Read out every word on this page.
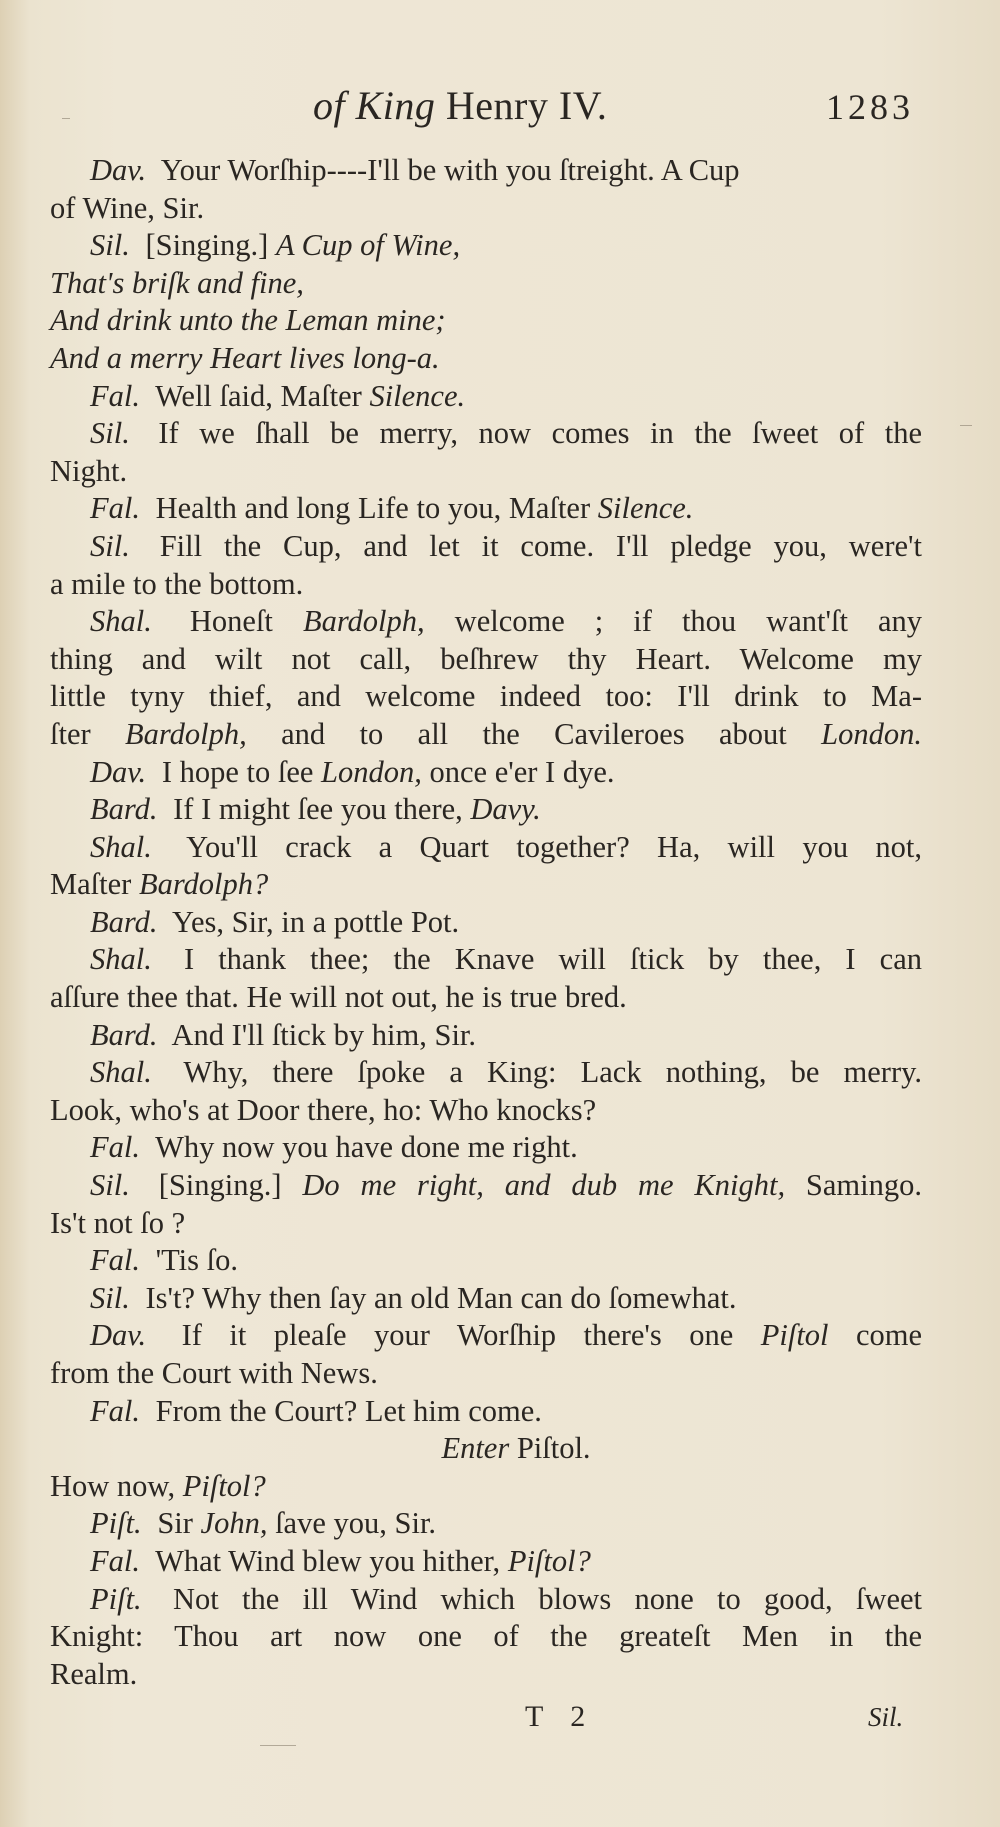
of King Henry IV.	1283
Dav. Your Worſhip----I'll be with you ſtreight. A Cup
of Wine, Sir.
Sil. [Singing.] A Cup of Wine,
That's briſk and fine,
And drink unto the Leman mine;
And a merry Heart lives long-a.
Fal. Well ſaid, Maſter Silence.
Sil. If we ſhall be merry, now comes in the ſweet of the
Night.
Fal. Health and long Life to you, Maſter Silence.
Sil. Fill the Cup, and let it come. I'll pledge you, were't
a mile to the bottom.
Shal. Honeſt Bardolph, welcome ; if thou want'ſt any
thing and wilt not call, beſhrew thy Heart. Welcome my
little tyny thief, and welcome indeed too: I'll drink to Ma-
ſter Bardolph, and to all the Cavileroes about London.
Dav. I hope to ſee London, once e'er I dye.
Bard. If I might ſee you there, Davy.
Shal. You'll crack a Quart together? Ha, will you not,
Maſter Bardolph?
Bard. Yes, Sir, in a pottle Pot.
Shal. I thank thee; the Knave will ſtick by thee, I can
aſſure thee that. He will not out, he is true bred.
Bard. And I'll ſtick by him, Sir.
Shal. Why, there ſpoke a King: Lack nothing, be merry.
Look, who's at Door there, ho: Who knocks?
Fal. Why now you have done me right.
Sil. [Singing.] Do me right, and dub me Knight, Samingo.
Is't not ſo ?
Fal. 'Tis ſo.
Sil. Is't? Why then ſay an old Man can do ſomewhat.
Dav. If it pleaſe your Worſhip there's one Piſtol come
from the Court with News.
Fal. From the Court? Let him come.
Enter Piſtol.
How now, Piſtol?
Piſt. Sir John, ſave you, Sir.
Fal. What Wind blew you hither, Piſtol?
Piſt. Not the ill Wind which blows none to good, ſweet
Knight: Thou art now one of the greateſt Men in the
Realm.
T 2	Sil.
